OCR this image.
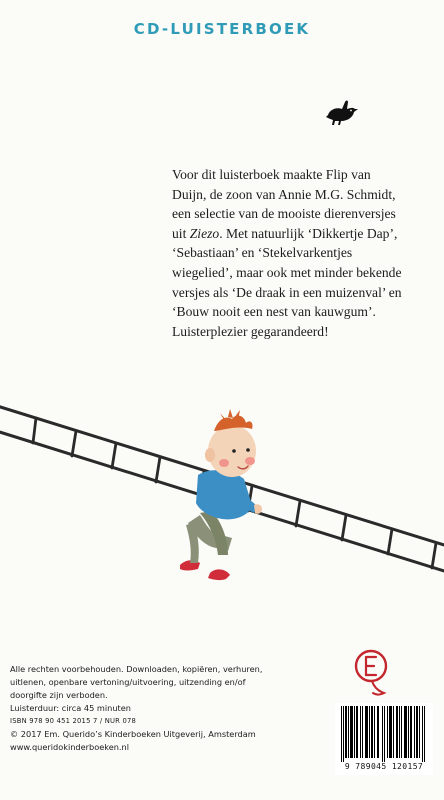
CD-LUISTERBOEK
Voor dit luisterboek maakte Flip van Duijn, de zoon van Annie M.G. Schmidt, een selectie van de mooiste dierenversjes uit Ziezo. Met natuurlijk ‘Dikkertje Dap’, ‘Sebastiaan’ en ‘Stekelvarkentjes wiegelied’, maar ook met minder bekende versjes als ‘De draak in een muizenval’ en ‘Bouw nooit een nest van kauwgum’. Luisterplezier gegarandeerd!
Alle rechten voorbehouden. Downloaden, kopiëren, verhuren,
uitlenen, openbare vertoning/uitvoering, uitzending en/of
doorgifte zijn verboden.
Luisterduur: circa 45 minuten
ISBN 978 90 451 2015 7 / NUR 078
© 2017 Em. Querido’s Kinderboeken Uitgeverij, Amsterdam
www.queridokinderboeken.nl
9 789045 120157
